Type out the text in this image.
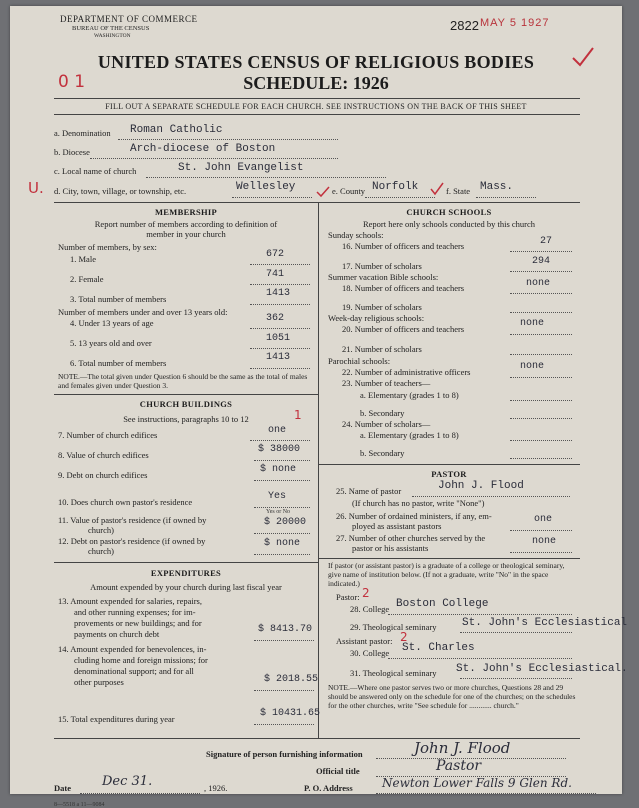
DEPARTMENT OF COMMERCE
BUREAU OF THE CENSUS
WASHINGTON
2822 MAY 5 1927
UNITED STATES CENSUS OF RELIGIOUS BODIES
SCHEDULE: 1926
0 1
FILL OUT A SEPARATE SCHEDULE FOR EACH CHURCH. SEE INSTRUCTIONS ON THE BACK OF THIS SHEET
a. Denomination Roman Catholic
b. Diocese	Arch-diocese of Boston
c. Local name of church	St. John Evangelist
U. d. City, town, village, or township, etc.	Wellesley	e. County Norfolk	f. State Mass.
MEMBERSHIP
Report number of members according to definition of
member in your church
Number of members, by sex:
1. Male	672
2. Female	741
3. Total number of members	1413
Number of members under and over 13 years old:
4. Under 13 years of age	362
5. 13 years old and over	1051
6. Total number of members	1413
NOTE.—The total given under Question 6 should be the same as the total of males and females given under Question 3.
CHURCH BUILDINGS
See instructions, paragraphs 10 to 12	1
7. Number of church edifices	one
8. Value of church edifices	$ 38000
9. Debt on church edifices	$ none
10. Does church own pastor's residence	Yes
Yes or No
11. Value of pastor's residence (if owned by
church)
$ 20000
12. Debt on pastor's residence (if owned by
church)
$ none
EXPENDITURES
Amount expended by your church during last fiscal year
13. Amount expended for salaries, repairs,
and other running expenses; for im-
provements or new buildings; and for
payments on church debt	$ 8413.70
14. Amount expended for benevolences, in-
cluding home and foreign missions; for
denominational support; and for all
other purposes	$ 2018.55
15. Total expenditures during year	$ 10431.65
CHURCH SCHOOLS
Report here only schools conducted by this church
Sunday schools:
16. Number of officers and teachers	27
17. Number of scholars	294
Summer vacation Bible schools:
18. Number of officers and teachers	none
19. Number of scholars
Week-day religious schools:
20. Number of officers and teachers	none
21. Number of scholars
Parochial schools:
22. Number of administrative officers	none
23. Number of teachers—
a. Elementary (grades 1 to 8)
b. Secondary
24. Number of scholars—
a. Elementary (grades 1 to 8)
b. Secondary
PASTOR
25. Name of pastor	John J. Flood
(If church has no pastor, write "None")
26. Number of ordained ministers, if any, em-
ployed as assistant pastors
one
27. Number of other churches served by the
pastor or his assistants
none
If pastor (or assistant pastor) is a graduate of a college or theological seminary, give name of institution below. (If not a graduate, write "No" in the space indicated.)
Pastor: 2
28. College Boston College
29. Theological seminary St. John's Ecclesiastical
Assistant pastor: 2
30. College St. Charles
31. Theological seminary St. John's Ecclesiastical.
NOTE.—Where one pastor serves two or more churches, Questions 28 and 29 should be answered only on the schedule for one of the churches; on the schedules for the other churches, write "See schedule for ............ church."
Signature of person furnishing information	John J. Flood
Official title	Pastor
Date Dec 31.	, 1926.	P. O. Address Newton Lower Falls 9 Glen Rd.
8—5518 a 11—9084
